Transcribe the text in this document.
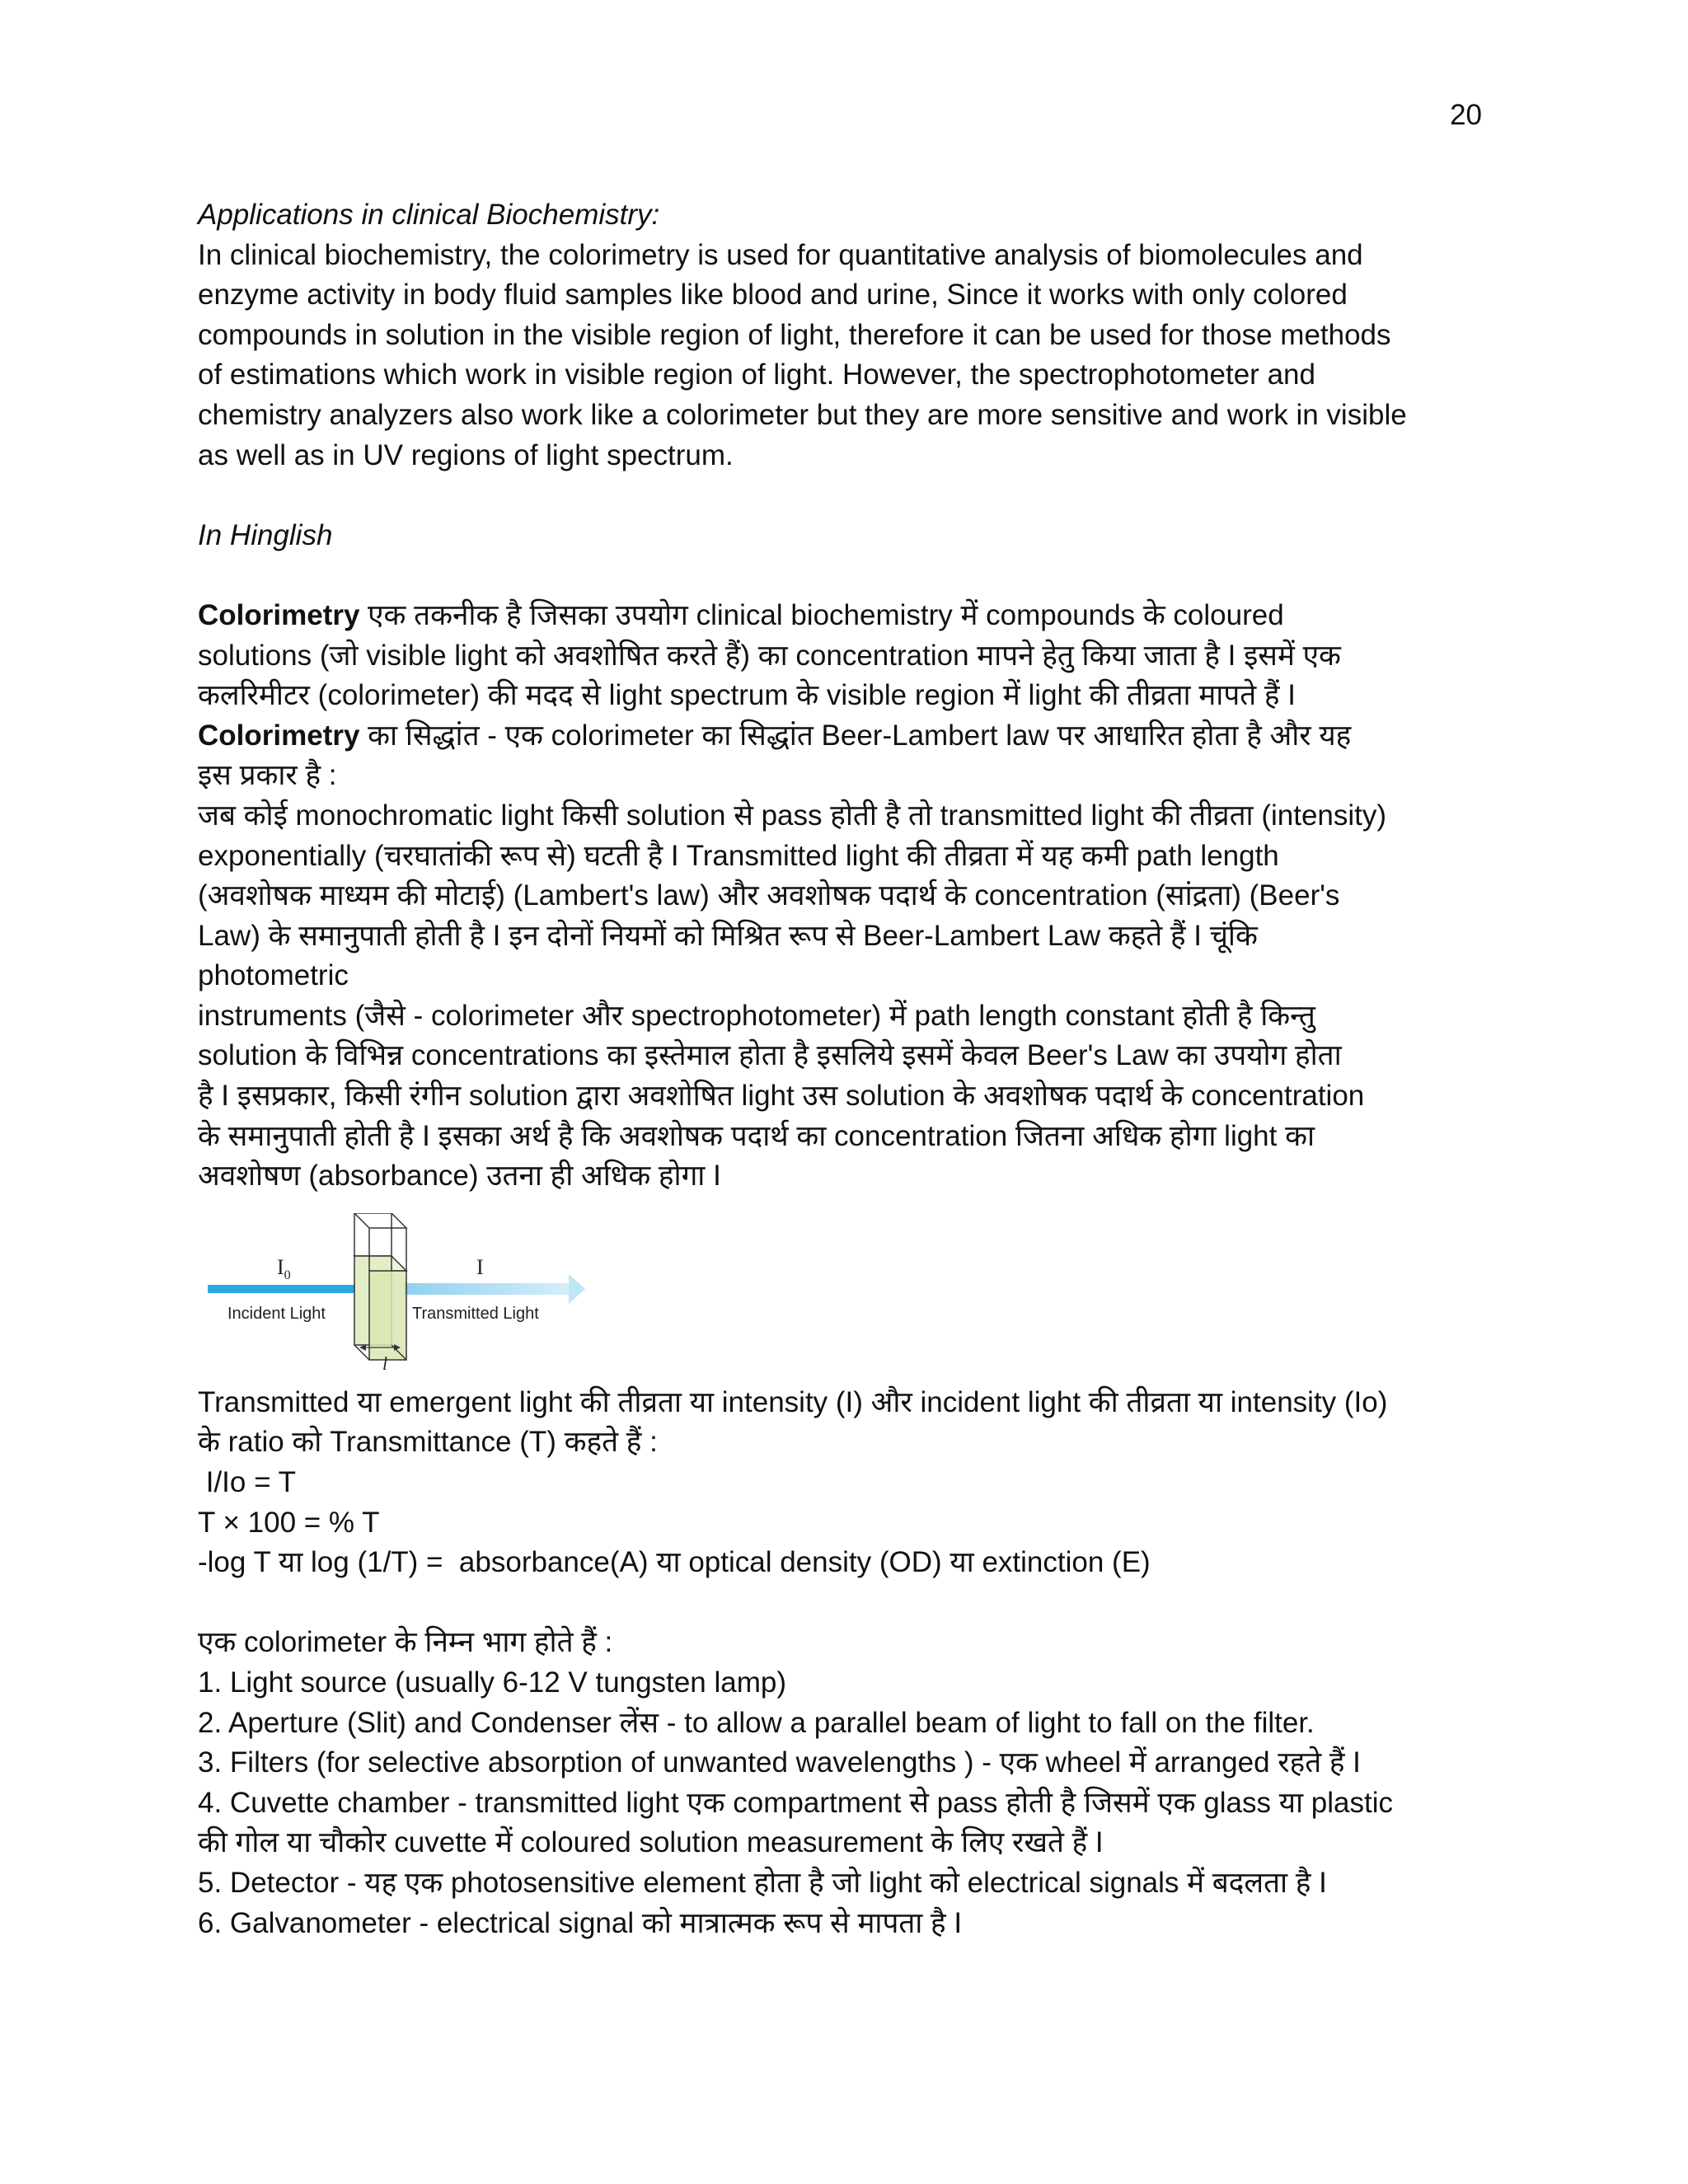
20
Applications in clinical Biochemistry:
In clinical biochemistry, the colorimetry is used for quantitative analysis of biomolecules and
enzyme activity in body fluid samples like blood and urine, Since it works with only colored
compounds in solution in the visible region of light, therefore it can be used for those methods
of estimations which work in visible region of light. However, the spectrophotometer and
chemistry analyzers also work like a colorimeter but they are more sensitive and work in visible
as well as in UV regions of light spectrum.
In Hinglish
Colorimetry एक तकनीक है जिसका उपयोग clinical biochemistry में compounds के coloured
solutions (जो visible light को अवशोषित करते हैं) का concentration मापने हेतु किया जाता है I इसमें एक
कलरिमीटर (colorimeter) की मदद से light spectrum के visible region में light की तीव्रता मापते हैं I
Colorimetry का सिद्धांत - एक colorimeter का सिद्धांत Beer-Lambert law पर आधारित होता है और यह
इस प्रकार है :
जब कोई monochromatic light किसी solution से pass होती है तो transmitted light की तीव्रता (intensity)
exponentially (चरघातांकी रूप से) घटती है I Transmitted light की तीव्रता में यह कमी path length
(अवशोषक माध्यम की मोटाई) (Lambert's law) और अवशोषक पदार्थ के concentration (सांद्रता) (Beer's
Law) के समानुपाती होती है I इन दोनों नियमों को मिश्रित रूप से Beer-Lambert Law कहते हैं I चूंकि
photometric
instruments (जैसे - colorimeter और spectrophotometer) में path length constant होती है किन्तु
solution के विभिन्न concentrations का इस्तेमाल होता है इसलिये इसमें केवल Beer's Law का उपयोग होता
है I इसप्रकार, किसी रंगीन solution द्वारा अवशोषित light उस solution के अवशोषक पदार्थ के concentration
के समानुपाती होती है I इसका अर्थ है कि अवशोषक पदार्थ का concentration जितना अधिक होगा light का
अवशोषण (absorbance) उतना ही अधिक होगा I
$I_0$	I
Incident Light	Transmitted Light
l
Transmitted या emergent light की तीव्रता या intensity (I) और incident light की तीव्रता या intensity (Io)
के ratio को Transmittance (T) कहते हैं :
I/Io = T
T × 100 = % T
-log T या log (1/T) =  absorbance(A) या optical density (OD) या extinction (E)
एक colorimeter के निम्न भाग होते हैं :
1. Light source (usually 6-12 V tungsten lamp)
2. Aperture (Slit) and Condenser लेंस - to allow a parallel beam of light to fall on the filter.
3. Filters (for selective absorption of unwanted wavelengths ) - एक wheel में arranged रहते हैं I
4. Cuvette chamber - transmitted light एक compartment से pass होती है जिसमें एक glass या plastic
की गोल या चौकोर cuvette में coloured solution measurement के लिए रखते हैं I
5. Detector - यह एक photosensitive element होता है जो light को electrical signals में बदलता है I
6. Galvanometer - electrical signal को मात्रात्मक रूप से मापता है I
